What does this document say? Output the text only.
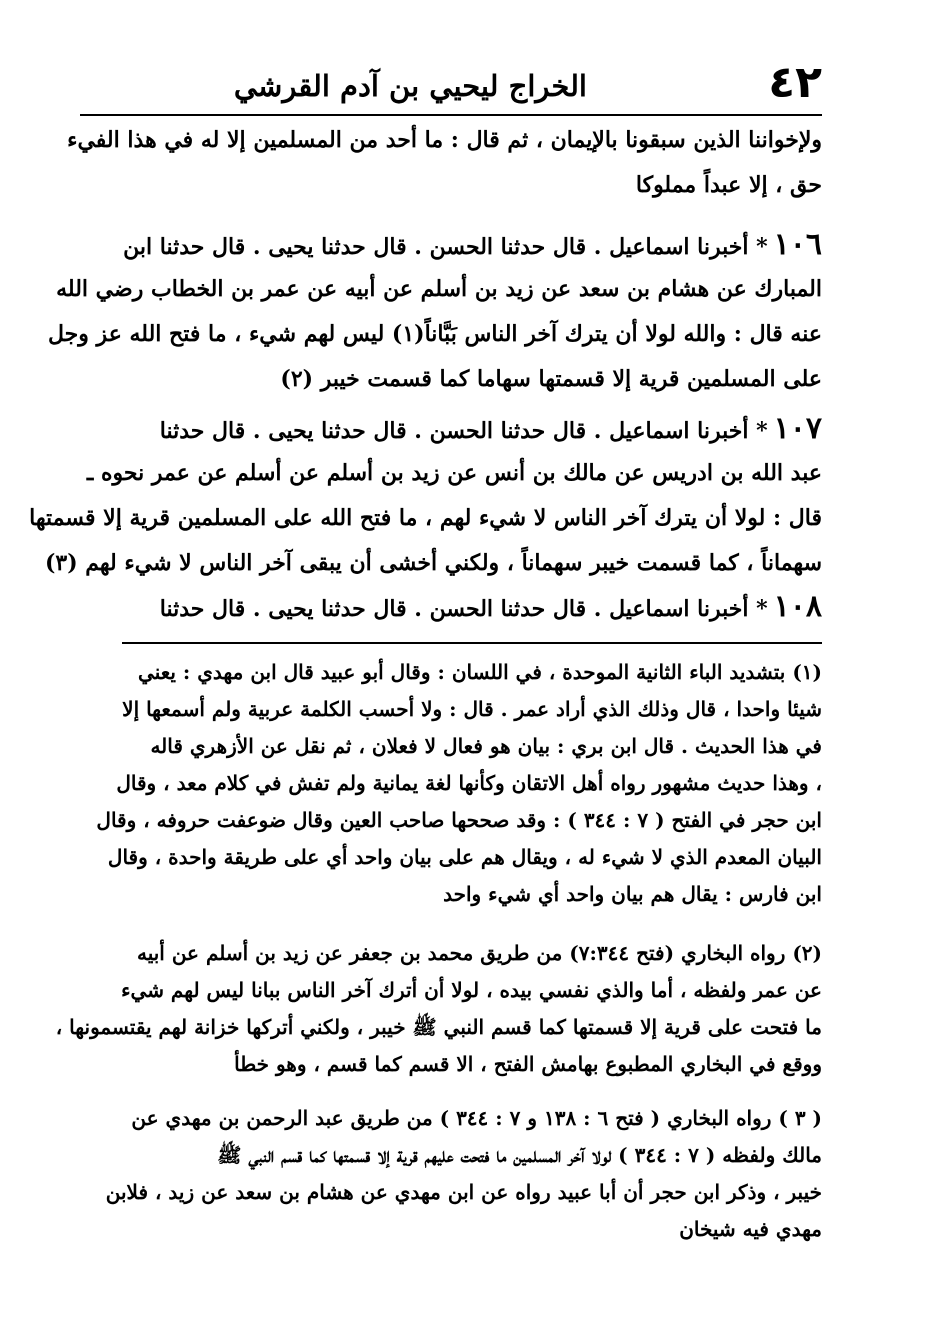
٤٢
الخراج ليحيي بن آدم القرشي
ولإخواننا الذين سبقونا بالإيمان ، ثم قال : ما أحد من المسلمين إلا له في هذا الفيء
حق ، إلا عبداً مملوكا
١٠٦* أخبرنا اسماعيل . قال حدثنا الحسن . قال حدثنا يحيى . قال حدثنا ابن
المبارك عن هشام بن سعد عن زيد بن أسلم عن أبيه عن عمر بن الخطاب رضي الله
عنه قال : والله لولا أن يترك آخر الناس بَبَّاناً(١) ليس لهم شيء ، ما فتح الله عز وجل
على المسلمين قرية إلا قسمتها سهاما كما قسمت خيبر (٢)
١٠٧* أخبرنا اسماعيل . قال حدثنا الحسن . قال حدثنا يحيى . قال حدثنا
عبد الله بن ادريس عن مالك بن أنس عن زيد بن أسلم عن أسلم عن عمر نحوه ـ
قال : لولا أن يترك آخر الناس لا شيء لهم ، ما فتح الله على المسلمين قرية إلا قسمتها
سهماناً ، كما قسمت خيبر سهماناً ، ولكني أخشى أن يبقى آخر الناس لا شيء لهم (٣)
١٠٨* أخبرنا اسماعيل . قال حدثنا الحسن . قال حدثنا يحيى . قال حدثنا
(١) بتشديد الباء الثانية الموحدة ، في اللسان : وقال أبو عبيد قال ابن مهدي : يعني
شيئا واحدا ، قال وذلك الذي أراد عمر . قال : ولا أحسب الكلمة عربية ولم أسمعها إلا
في هذا الحديث . قال ابن بري : بيان هو فعال لا فعلان ، ثم نقل عن الأزهري قاله
، وهذا حديث مشهور رواه أهل الاتقان وكأنها لغة يمانية ولم تفش في كلام معد ، وقال
ابن حجر في الفتح ( ٧ : ٣٤٤ ) : وقد صححها صاحب العين وقال ضوعفت حروفه ، وقال
البيان المعدم الذي لا شيء له ، ويقال هم على بيان واحد أي على طريقة واحدة ، وقال
ابن فارس : يقال هم بيان واحد أي شيء واحد
(٢) رواه البخاري (فتح ٧:٣٤٤) من طريق محمد بن جعفر عن زيد بن أسلم عن أبيه
عن عمر ولفظه ، أما والذي نفسي بيده ، لولا أن أترك آخر الناس ببانا ليس لهم شيء
ما فتحت على قرية إلا قسمتها كما قسم النبي ﷺ خيبر ، ولكني أتركها خزانة لهم يقتسمونها ،
ووقع في البخاري المطبوع بهامش الفتح ، الا قسم كما قسم ، وهو خطأ
( ٣ ) رواه البخاري ( فتح ٦ : ١٣٨ و ٧ : ٣٤٤ ) من طريق عبد الرحمن بن مهدي عن
مالك ولفظه ( ٧ : ٣٤٤ ) لولا آخر المسلمين ما فتحت عليهم قرية إلا قسمتها كما قسم النبي ﷺ
خيبر ، وذكر ابن حجر أن أبا عبيد رواه عن ابن مهدي عن هشام بن سعد عن زيد ، فلابن
مهدي فيه شيخان
